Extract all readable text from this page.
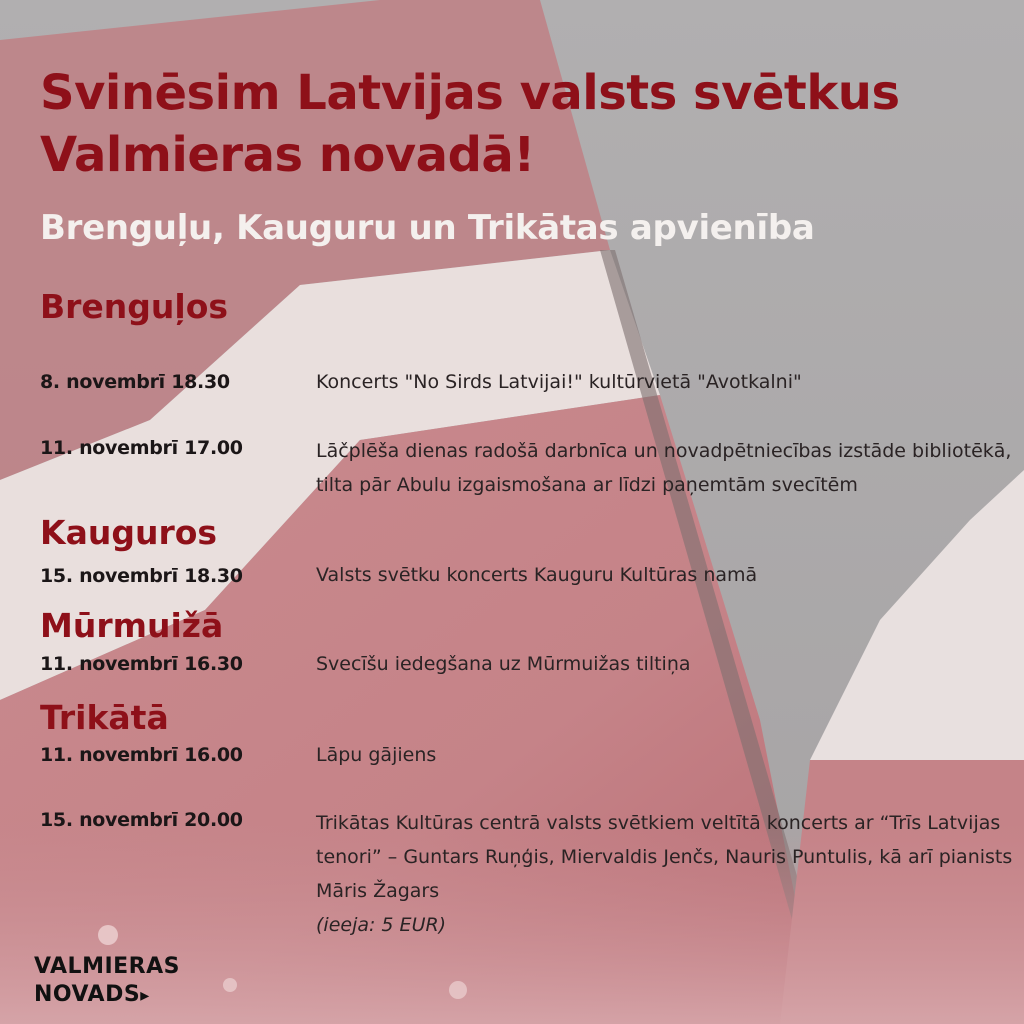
Svinēsim Latvijas valsts svētkus Valmieras novadā!
Brenguļu, Kauguru un Trikātas apvienība
Brenguļos
8. novembrī 18.30	Koncerts "No Sirds Latvijai!" kultūrvietā "Avotkalni"
11. novembrī 17.00	Lāčplēša dienas radošā darbnīca un novadpētniecības izstāde bibliotēkā, tilta pār Abulu izgaismošana ar līdzi paņemtām svecītēm
Kauguros
15. novembrī 18.30	Valsts svētku koncerts Kauguru Kultūras namā
Mūrmuižā
11. novembrī 16.30	Svecīšu iedegšana uz Mūrmuižas tiltiņa
Trikātā
11. novembrī 16.00	Lāpu gājiens
15. novembrī 20.00	Trikātas Kultūras centrā valsts svētkiem veltītā koncerts ar “Trīs Latvijas tenori” – Guntars Ruņģis, Miervaldis Jenčs, Nauris Puntulis, kā arī pianists Māris Žagars
(ieeja: 5 EUR)
VALMIERAS
NOVADS▸
